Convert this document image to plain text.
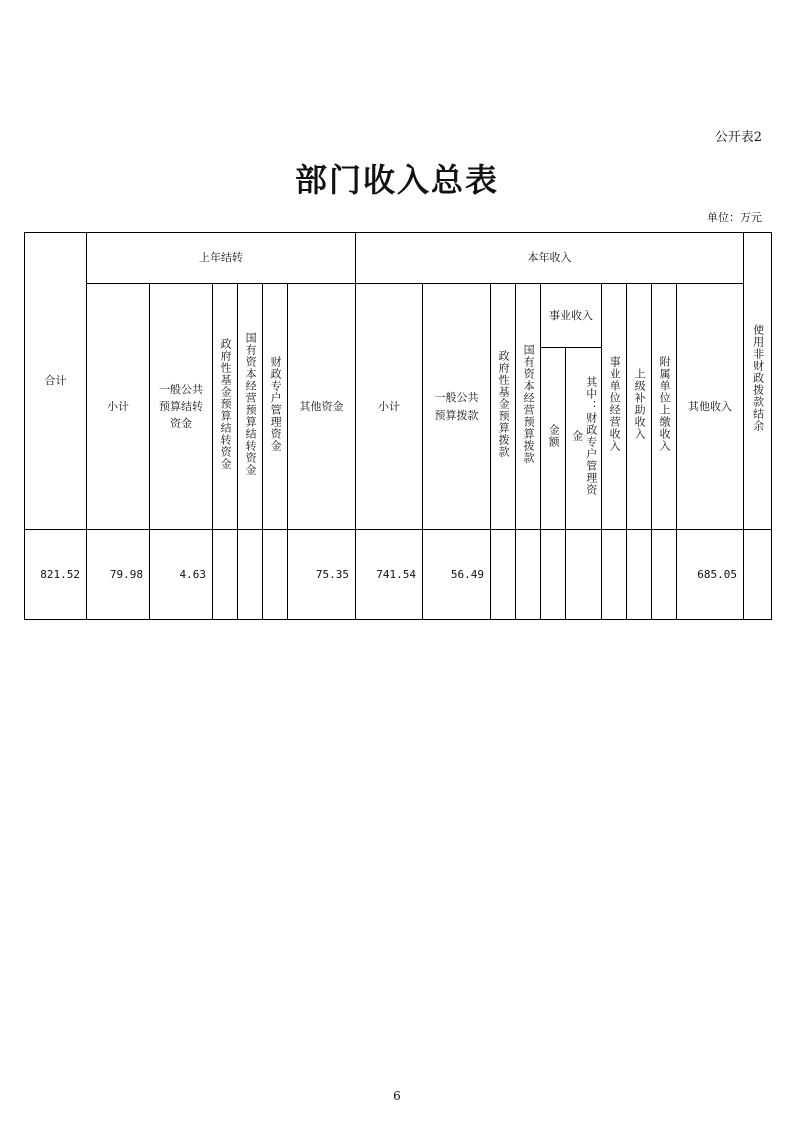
公开表2
部门收入总表
单位：万元
合计	上年结转						本年收入										使用非财政拨款结余
	小计	一般公共预算结转资金	政府性基金预算结转资金	国有资本经营预算结转资金	财政专户管理资金	其他资金	小计	一般公共预算拨款	政府性基金预算拨款	国有资本经营预算拨款	事业收入		事业单位经营收入	上级补助收入	附属单位上缴收入	其他收入	
											金额	其中：财政专户管理资金					
821.52	79.98	4.63				75.35	741.54	56.49								685.05	
6
